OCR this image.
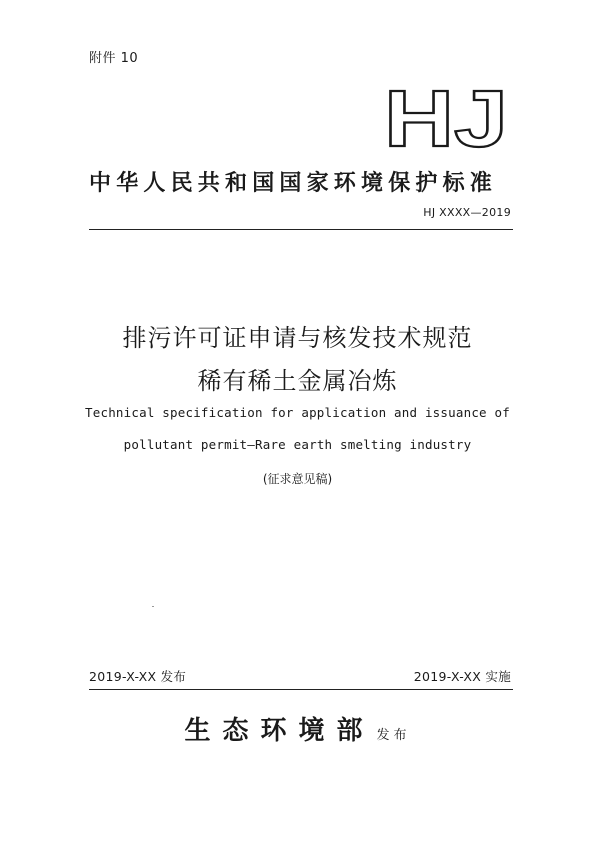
附件 10
HJ
中华人民共和国国家环境保护标准
HJ XXXX—2019
排污许可证申请与核发技术规范
稀有稀土金属冶炼
Technical specification for application and issuance of
pollutant permit—Rare earth smelting industry
(征求意见稿)
2019-X-XX 发布	2019-X-XX 实施
生态环境部 发布
